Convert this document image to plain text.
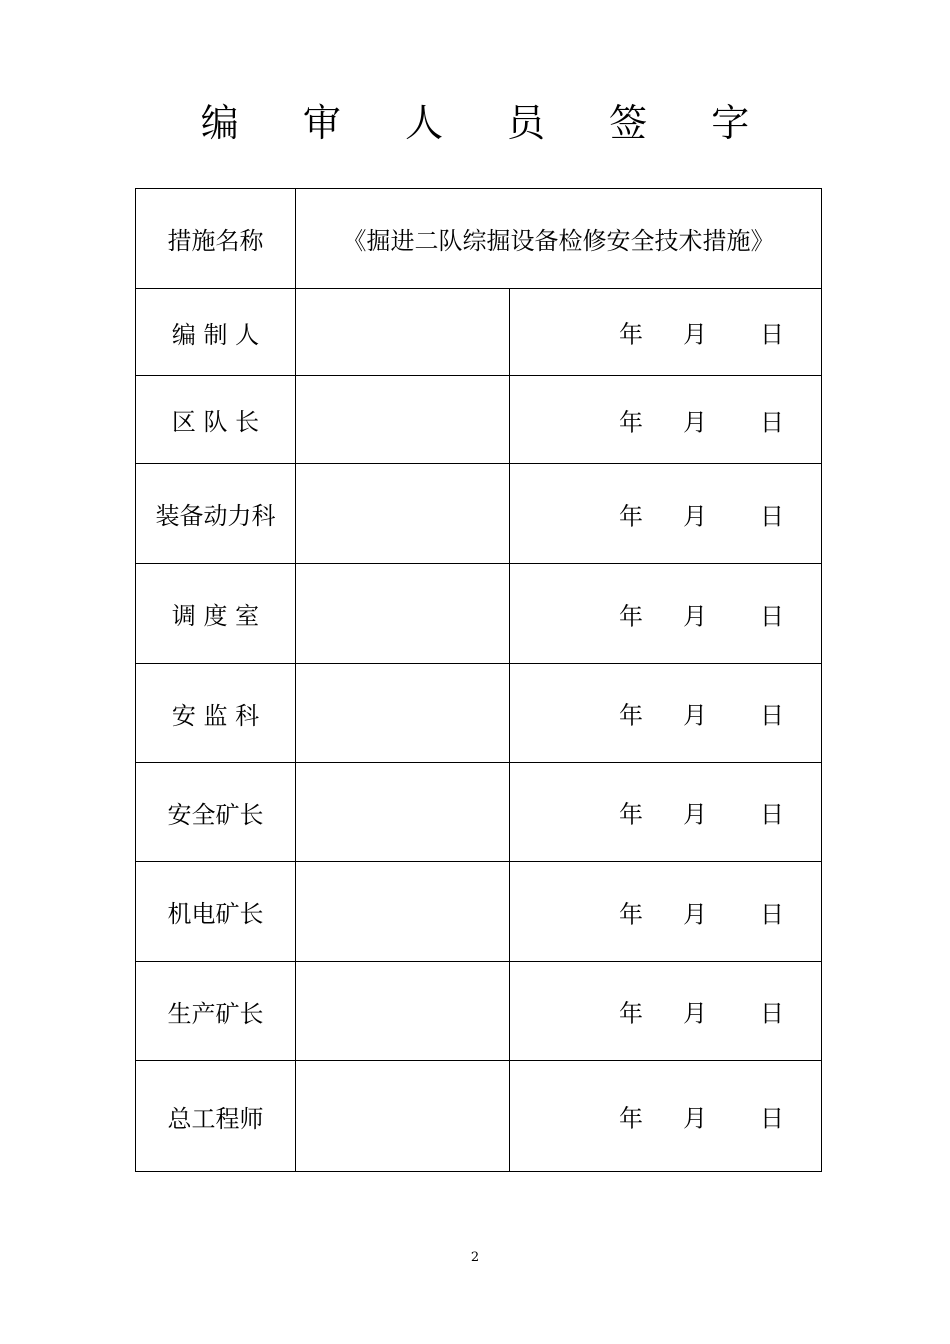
编 审 人 员 签 字
措施名称	《掘进二队综掘设备检修安全技术措施》	
编 制 人		年 月 日

区 队 长		年 月 日

装备动力科		年 月 日

调 度 室		年 月 日

安 监 科		年 月 日

安全矿长		年 月 日

机电矿长		年 月 日

生产矿长		年 月 日

总工程师		年 月 日
2
